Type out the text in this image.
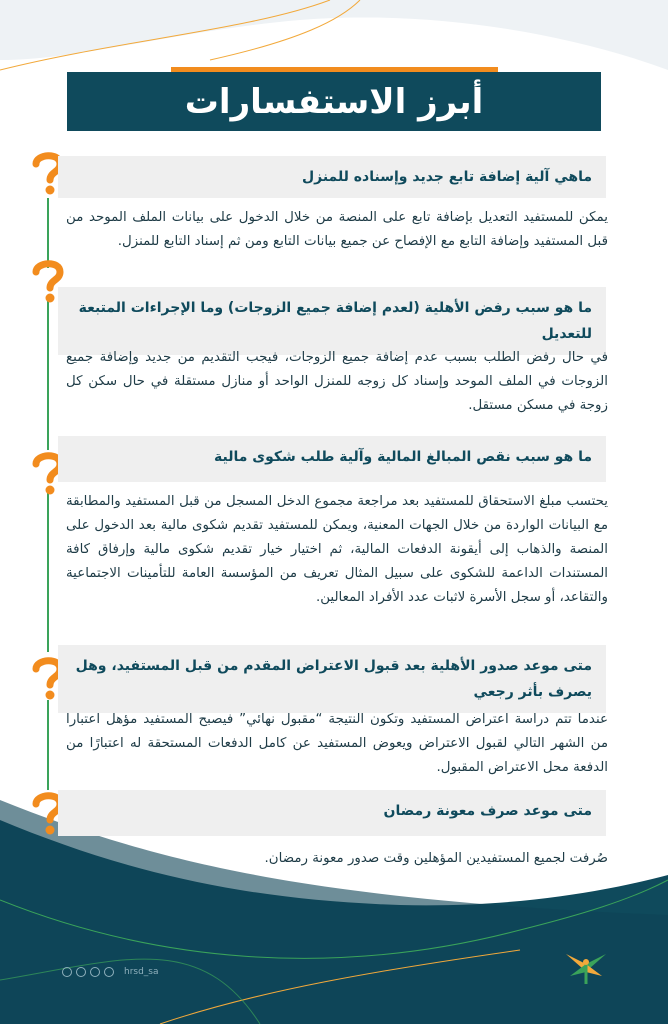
أبرز الاستفسارات
ماهي آلية إضافة تابع جديد وإسناده للمنزل
يمكن للمستفيد التعديل بإضافة تابع على المنصة من خلال الدخول على بيانات الملف الموحد من قبل المستفيد وإضافة التابع مع الإفصاح عن جميع بيانات التابع ومن ثم إسناد التابع للمنزل.
ما هو سبب رفض الأهلية (لعدم إضافة جميع الزوجات) وما الإجراءات المتبعة للتعديل
في حال رفض الطلب بسبب عدم إضافة جميع الزوجات، فيجب التقديم من جديد وإضافة جميع الزوجات في الملف الموحد وإسناد كل زوجه للمنزل الواحد أو منازل مستقلة في حال سكن كل زوجة في مسكن مستقل.
ما هو سبب نقص المبالغ المالية وآلية طلب شكوى مالية
يحتسب مبلغ الاستحقاق للمستفيد بعد مراجعة مجموع الدخل المسجل من قبل المستفيد والمطابقة مع البيانات الواردة من خلال الجهات المعنية، ويمكن للمستفيد تقديم شكوى مالية بعد الدخول على المنصة والذهاب إلى أيقونة الدفعات المالية، ثم اختيار خيار تقديم شكوى مالية وإرفاق كافة المستندات الداعمة للشكوى على سبيل المثال تعريف من المؤسسة العامة للتأمينات الاجتماعية والتقاعد، أو سجل الأسرة لاثبات عدد الأفراد المعالين.
متى موعد صدور الأهلية بعد قبول الاعتراض المقدم من قبل المستفيد، وهل يصرف بأثر رجعي
عندما تتم دراسة اعتراض المستفيد وتكون النتيجة “مقبول نهائي” فيصبح المستفيد مؤهل اعتبارا من الشهر التالي لقبول الاعتراض ويعوض المستفيد عن كامل الدفعات المستحقة له اعتبارًا من الدفعة محل الاعتراض المقبول.
متى موعد صرف معونة رمضان
صُرفت لجميع المستفيدين المؤهلين وقت صدور معونة رمضان.
hrsd_sa
